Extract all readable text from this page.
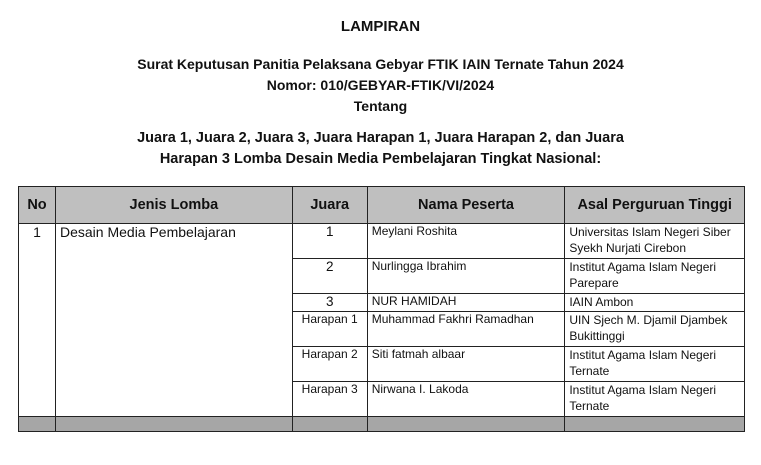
LAMPIRAN
Surat Keputusan Panitia Pelaksana Gebyar FTIK IAIN Ternate Tahun 2024
Nomor: 010/GEBYAR-FTIK/VI/2024
Tentang
Juara 1, Juara 2, Juara 3, Juara Harapan 1, Juara Harapan 2, dan Juara
Harapan 3 Lomba Desain Media Pembelajaran Tingkat Nasional:
No	Jenis Lomba	Juara	Nama Peserta	Asal Perguruan Tinggi
1	Desain Media Pembelajaran	1	Meylani Roshita	Universitas Islam Negeri Siber Syekh Nurjati Cirebon
		2	Nurlingga Ibrahim	Institut Agama Islam Negeri Parepare
		3	NUR HAMIDAH	IAIN Ambon
		Harapan 1	Muhammad Fakhri Ramadhan	UIN Sjech M. Djamil Djambek Bukittinggi
		Harapan 2	Siti fatmah albaar	Institut Agama Islam Negeri Ternate
		Harapan 3	Nirwana I. Lakoda	Institut Agama Islam Negeri Ternate
